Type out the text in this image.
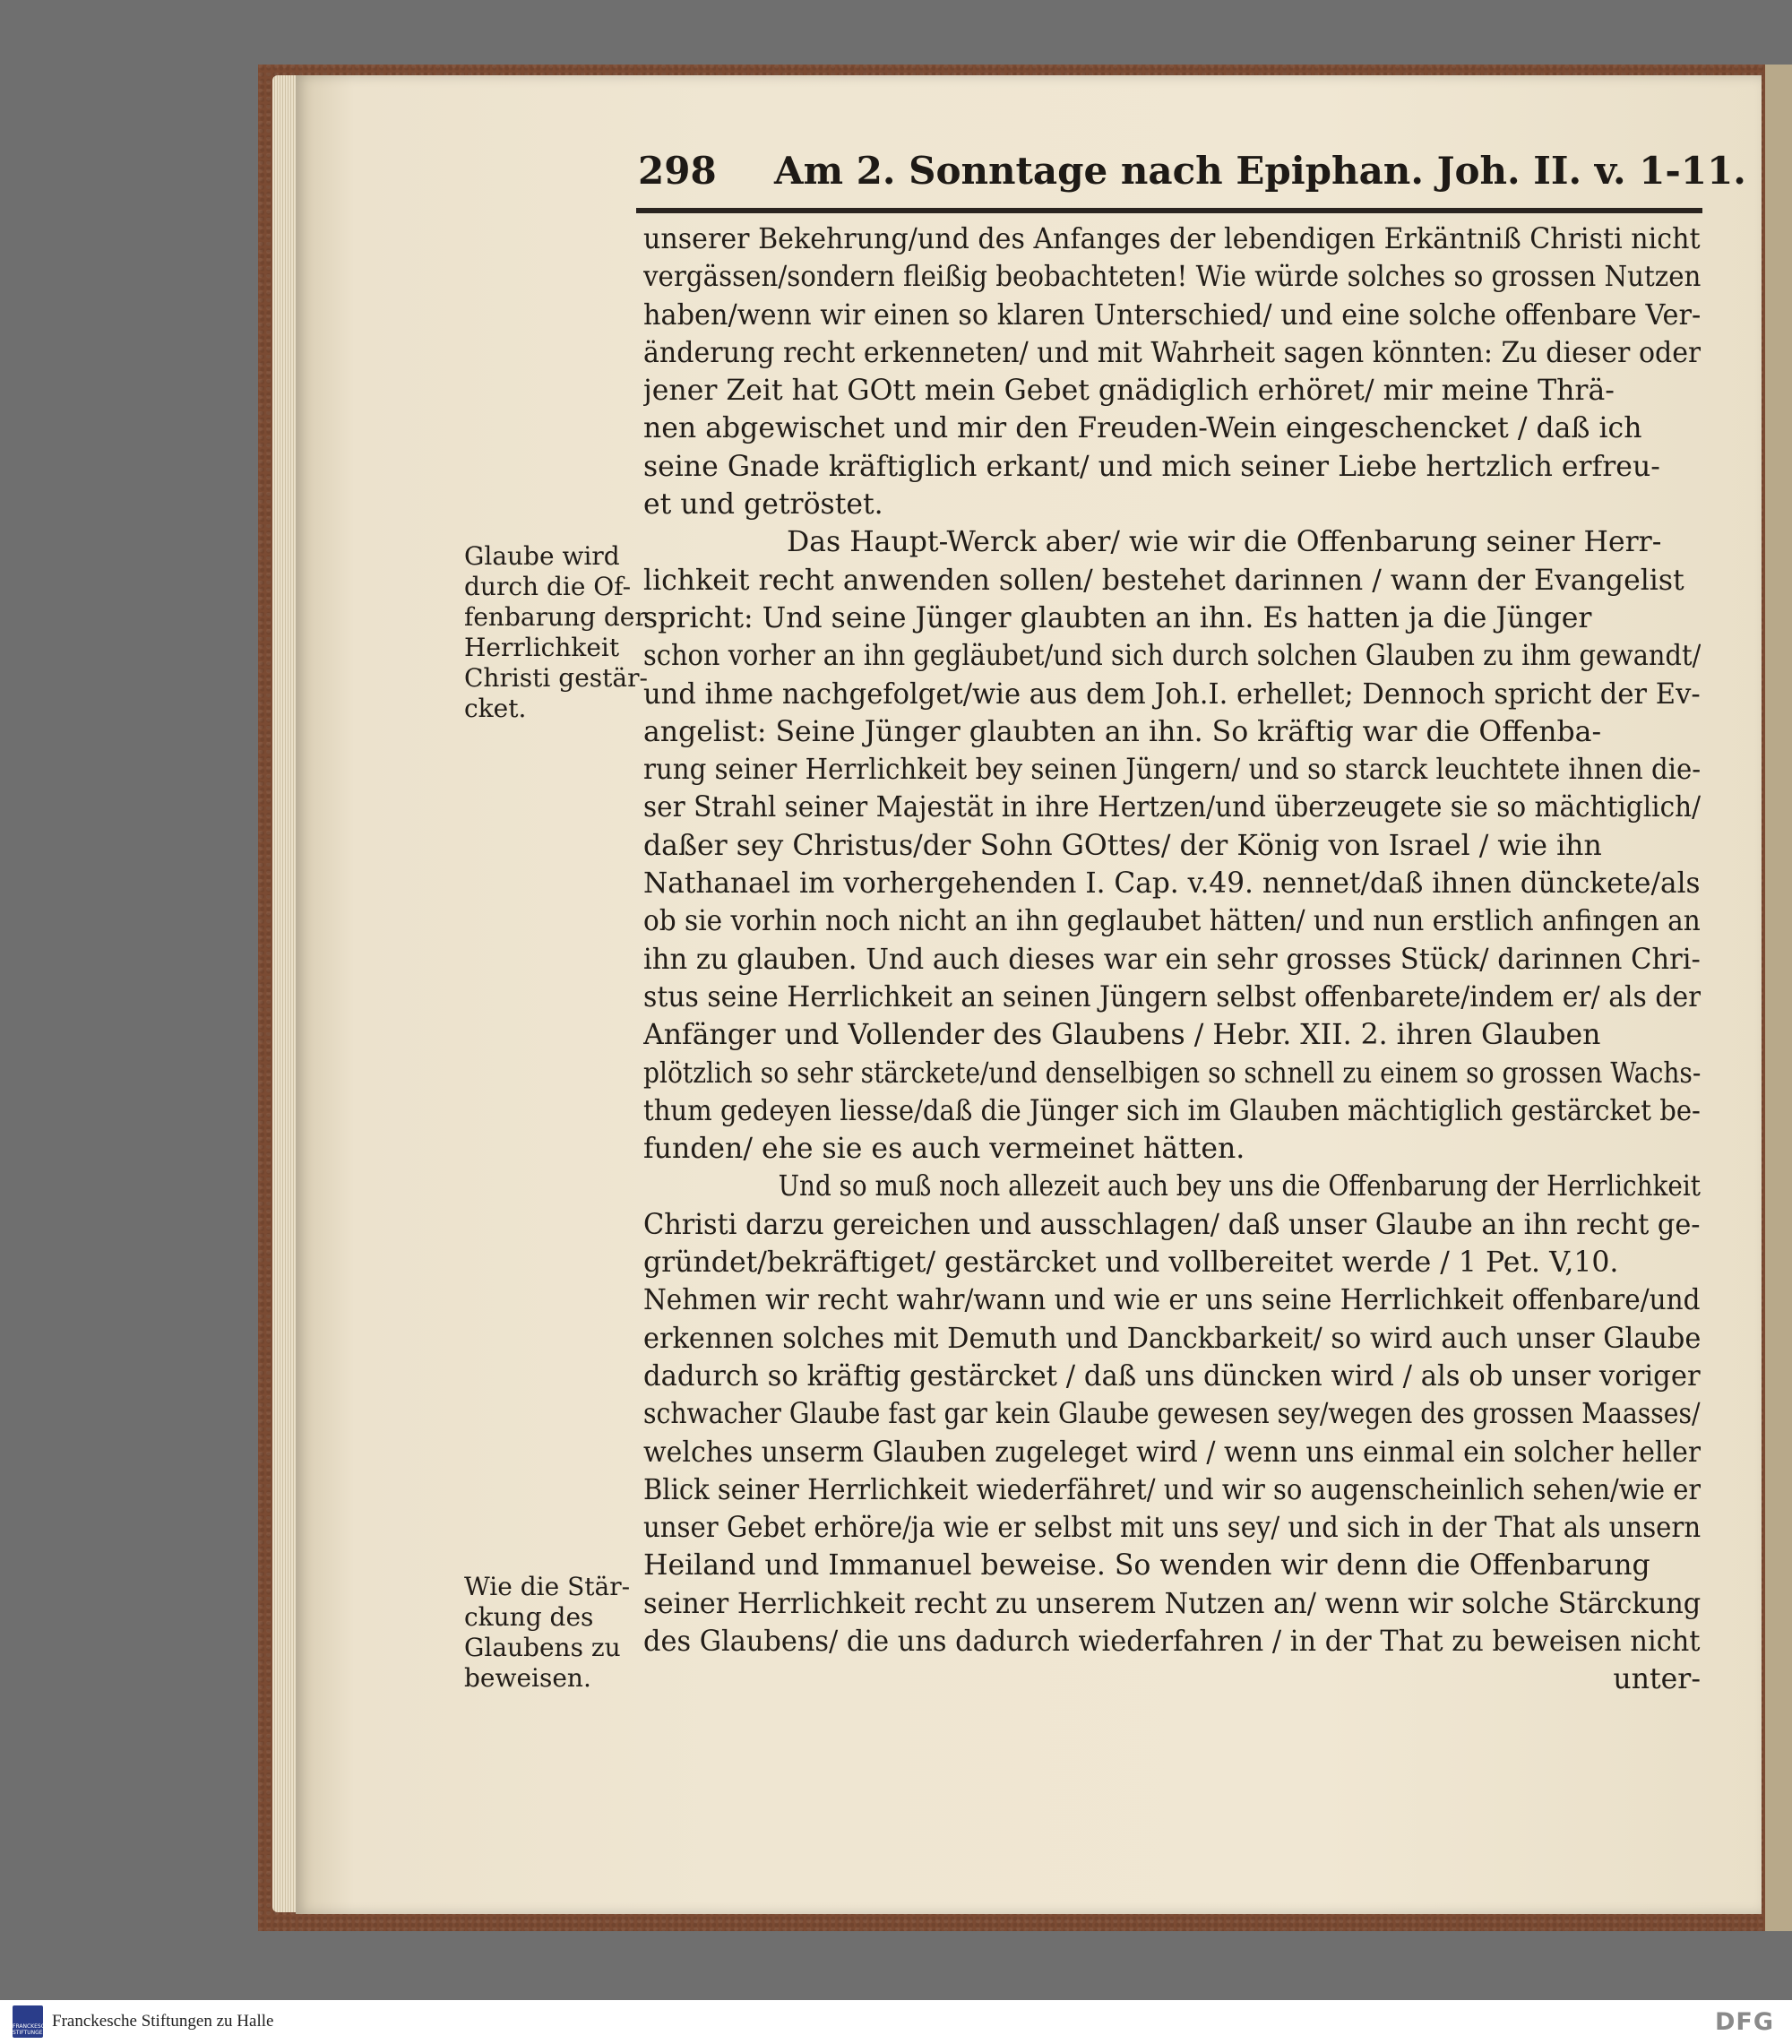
298 Am 2. Sonntage nach Epiphan. Joh. II. v. 1-11.
Glaube wird
durch die Of-
fenbarung der
Herrlichkeit
Christi gestär-
cket.
Wie die Stär-
ckung des
Glaubens zu
beweisen.
unserer Bekehrung/und des Anfanges der lebendigen Erkäntniß Christi nicht
vergässen/sondern fleißig beobachteten! Wie würde solches so grossen Nutzen
haben/wenn wir einen so klaren Unterschied/ und eine solche offenbare Ver-
änderung recht erkenneten/ und mit Wahrheit sagen könnten: Zu dieser oder
jener Zeit hat GOtt mein Gebet gnädiglich erhöret/ mir meine Thrä-
nen abgewischet und mir den Freuden-Wein eingeschencket / daß ich
seine Gnade kräftiglich erkant/ und mich seiner Liebe hertzlich erfreu-
et und getröstet.
Das Haupt-Werck aber/ wie wir die Offenbarung seiner Herr-
lichkeit recht anwenden sollen/ bestehet darinnen / wann der Evangelist
spricht: Und seine Jünger glaubten an ihn. Es hatten ja die Jünger
schon vorher an ihn gegläubet/und sich durch solchen Glauben zu ihm gewandt/
und ihme nachgefolget/wie aus dem Joh.I. erhellet; Dennoch spricht der Ev-
angelist: Seine Jünger glaubten an ihn. So kräftig war die Offenba-
rung seiner Herrlichkeit bey seinen Jüngern/ und so starck leuchtete ihnen die-
ser Strahl seiner Majestät in ihre Hertzen/und überzeugete sie so mächtiglich/
daßer sey Christus/der Sohn GOttes/ der König von Israel / wie ihn
Nathanael im vorhergehenden I. Cap. v.49. nennet/daß ihnen dünckete/als
ob sie vorhin noch nicht an ihn geglaubet hätten/ und nun erstlich anfingen an
ihn zu glauben. Und auch dieses war ein sehr grosses Stück/ darinnen Chri-
stus seine Herrlichkeit an seinen Jüngern selbst offenbarete/indem er/ als der
Anfänger und Vollender des Glaubens / Hebr. XII. 2. ihren Glauben
plötzlich so sehr stärckete/und denselbigen so schnell zu einem so grossen Wachs-
thum gedeyen liesse/daß die Jünger sich im Glauben mächtiglich gestärcket be-
funden/ ehe sie es auch vermeinet hätten.
Und so muß noch allezeit auch bey uns die Offenbarung der Herrlichkeit
Christi darzu gereichen und ausschlagen/ daß unser Glaube an ihn recht ge-
gründet/bekräftiget/ gestärcket und vollbereitet werde / 1 Pet. V,10.
Nehmen wir recht wahr/wann und wie er uns seine Herrlichkeit offenbare/und
erkennen solches mit Demuth und Danckbarkeit/ so wird auch unser Glaube
dadurch so kräftig gestärcket / daß uns düncken wird / als ob unser voriger
schwacher Glaube fast gar kein Glaube gewesen sey/wegen des grossen Maasses/
welches unserm Glauben zugeleget wird / wenn uns einmal ein solcher heller
Blick seiner Herrlichkeit wiederfähret/ und wir so augenscheinlich sehen/wie er
unser Gebet erhöre/ja wie er selbst mit uns sey/ und sich in der That als unsern
Heiland und Immanuel beweise. So wenden wir denn die Offenbarung
seiner Herrlichkeit recht zu unserem Nutzen an/ wenn wir solche Stärckung
des Glaubens/ die uns dadurch wiederfahren / in der That zu beweisen nicht
unter-
FRANCKESCHE STIFTUNGEN
Franckesche Stiftungen zu Halle	DFG
